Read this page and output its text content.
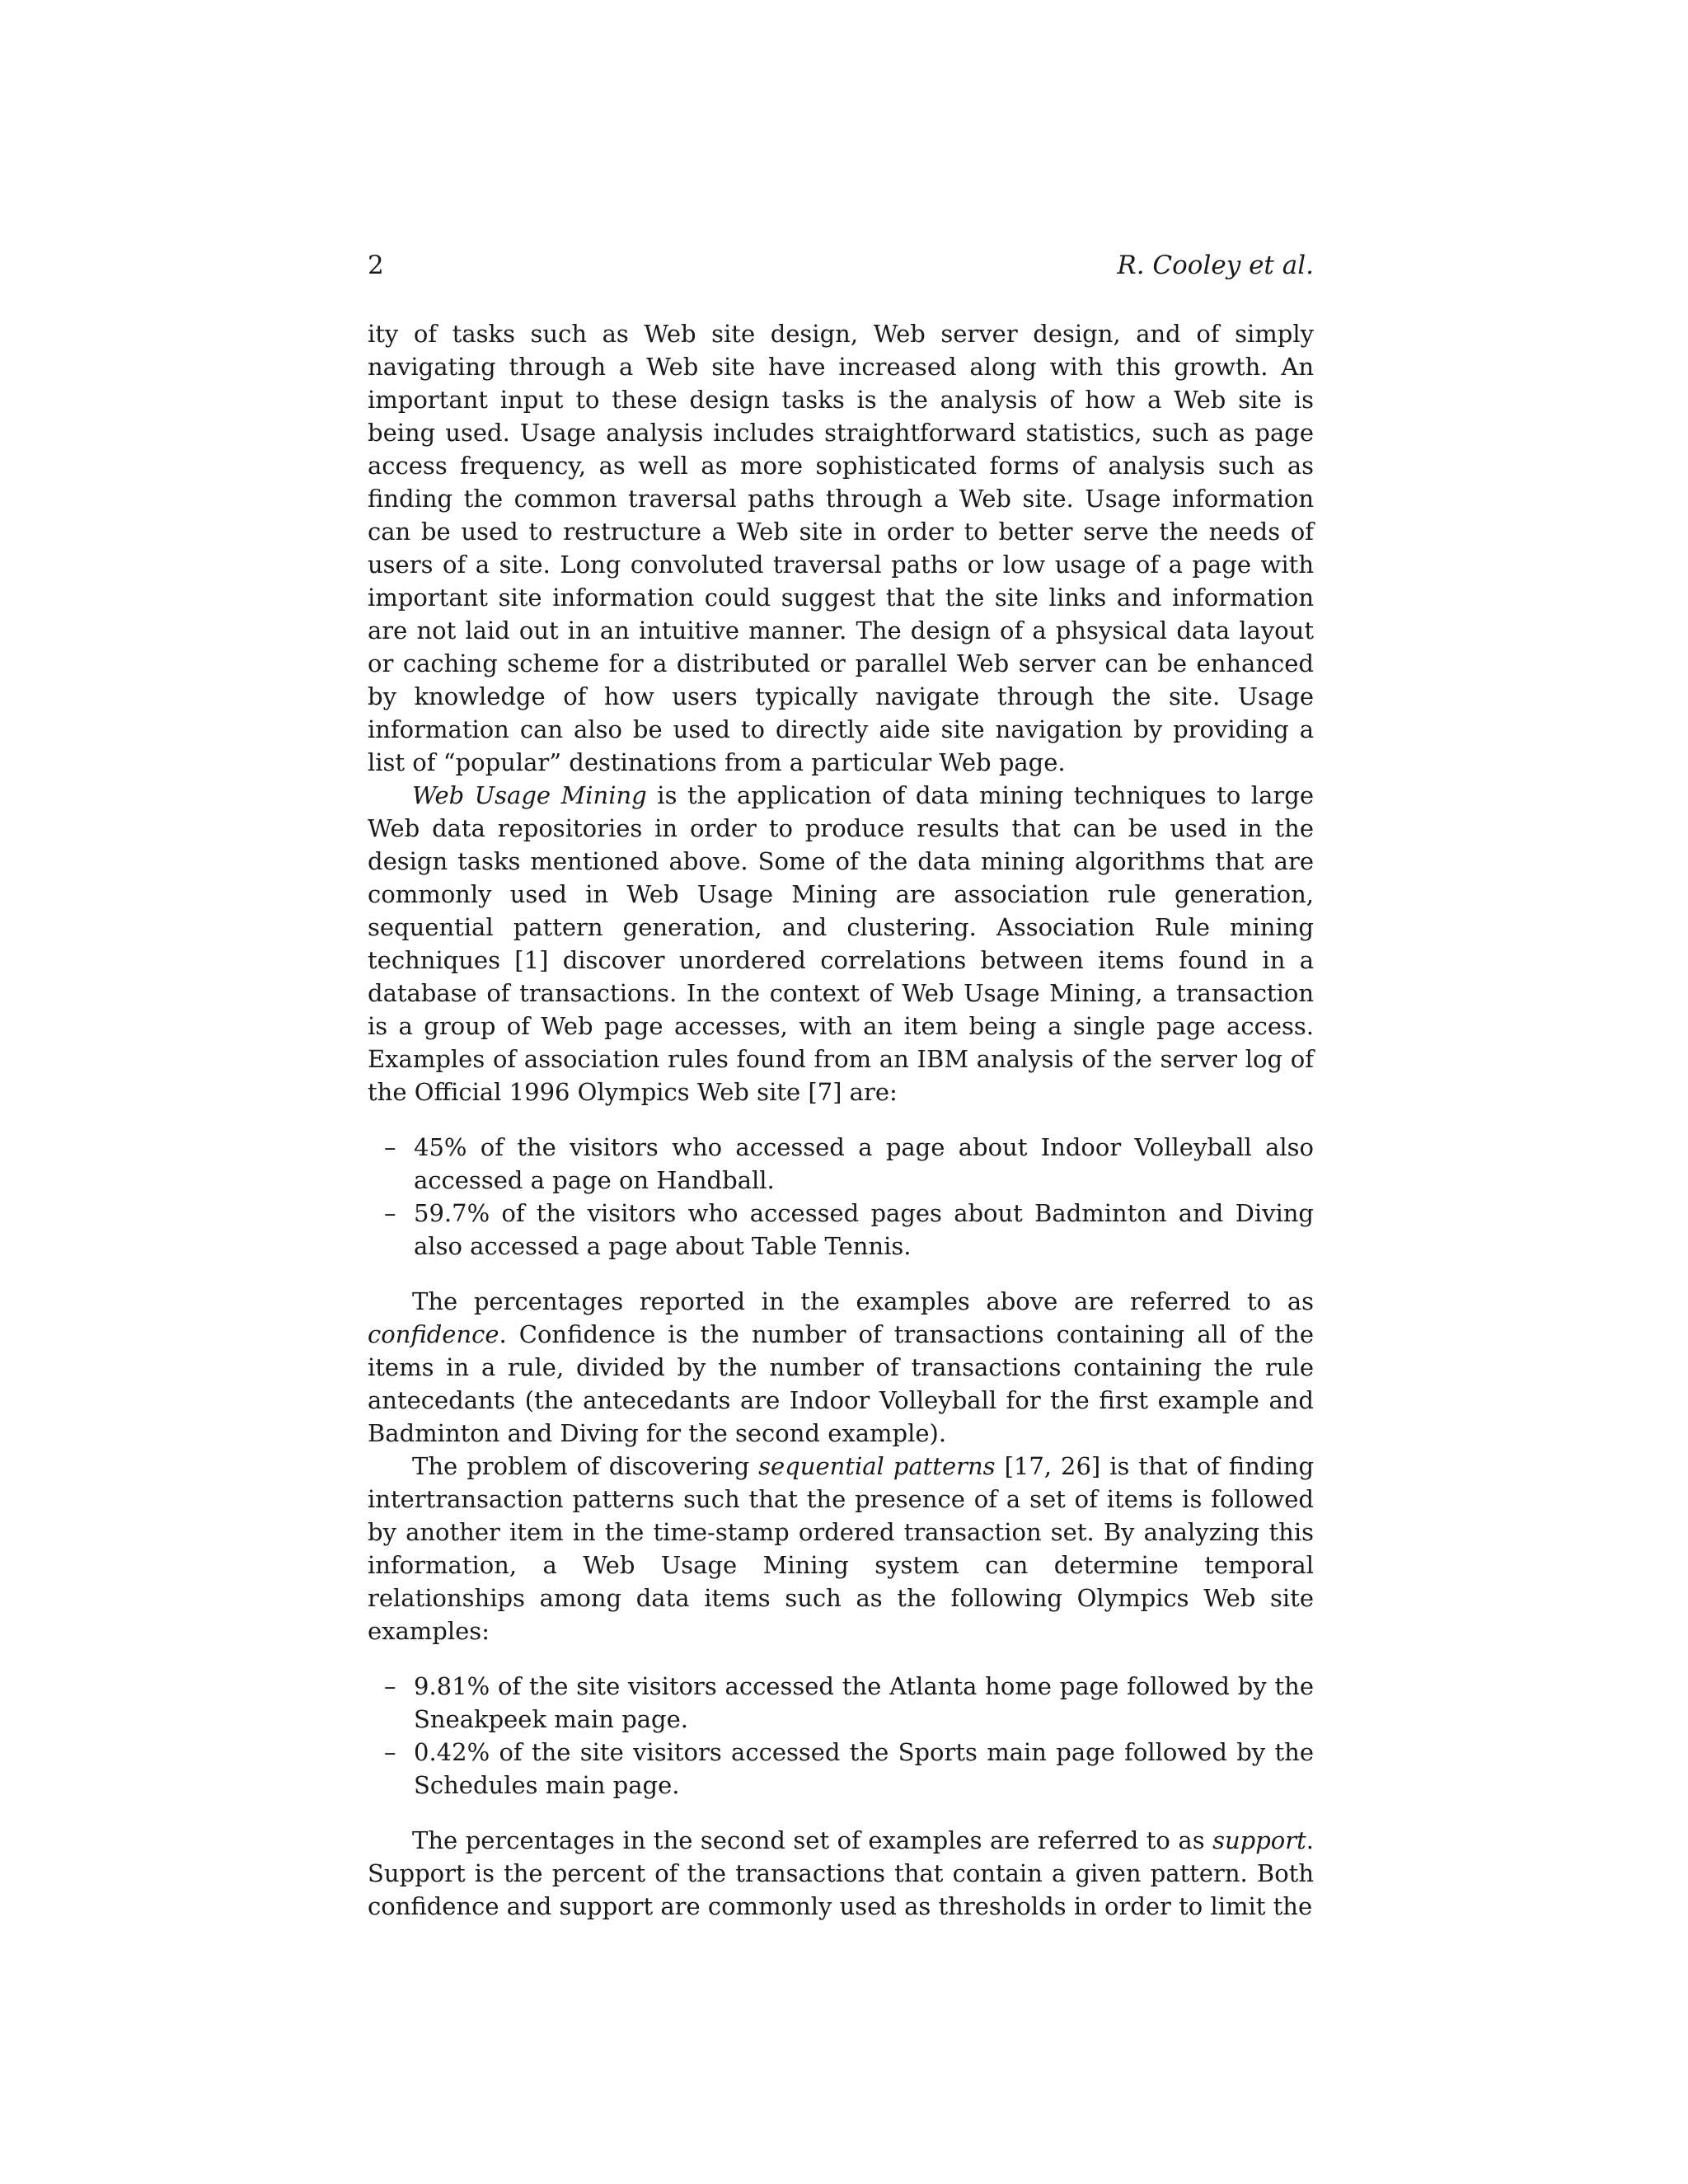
2	R. Cooley et al.

ity of tasks such as Web site design, Web server design, and of simply navigating through a Web site have increased along with this growth. An important input to these design tasks is the analysis of how a Web site is being used. Usage analysis includes straightforward statistics, such as page access frequency, as well as more sophisticated forms of analysis such as finding the common traversal paths through a Web site. Usage information can be used to restructure a Web site in order to better serve the needs of users of a site. Long convoluted traversal paths or low usage of a page with important site information could suggest that the site links and information are not laid out in an intuitive manner. The design of a phsysical data layout or caching scheme for a distributed or parallel Web server can be enhanced by knowledge of how users typically navigate through the site. Usage information can also be used to directly aide site navigation by providing a list of “popular” destinations from a particular Web page.

Web Usage Mining is the application of data mining techniques to large Web data repositories in order to produce results that can be used in the design tasks mentioned above. Some of the data mining algorithms that are commonly used in Web Usage Mining are association rule generation, sequential pattern generation, and clustering. Association Rule mining techniques [1] discover unordered correlations between items found in a database of transactions. In the context of Web Usage Mining, a transaction is a group of Web page accesses, with an item being a single page access. Examples of association rules found from an IBM analysis of the server log of the Official 1996 Olympics Web site [7] are:

– 45% of the visitors who accessed a page about Indoor Volleyball also accessed a page on Handball.
– 59.7% of the visitors who accessed pages about Badminton and Diving also accessed a page about Table Tennis.

The percentages reported in the examples above are referred to as confidence. Confidence is the number of transactions containing all of the items in a rule, divided by the number of transactions containing the rule antecedants (the antecedants are Indoor Volleyball for the first example and Badminton and Diving for the second example).

The problem of discovering sequential patterns [17, 26] is that of finding intertransaction patterns such that the presence of a set of items is followed by another item in the time-stamp ordered transaction set. By analyzing this information, a Web Usage Mining system can determine temporal relationships among data items such as the following Olympics Web site examples:

– 9.81% of the site visitors accessed the Atlanta home page followed by the Sneakpeek main page.
– 0.42% of the site visitors accessed the Sports main page followed by the Schedules main page.

The percentages in the second set of examples are referred to as support. Support is the percent of the transactions that contain a given pattern. Both confidence and support are commonly used as thresholds in order to limit the
